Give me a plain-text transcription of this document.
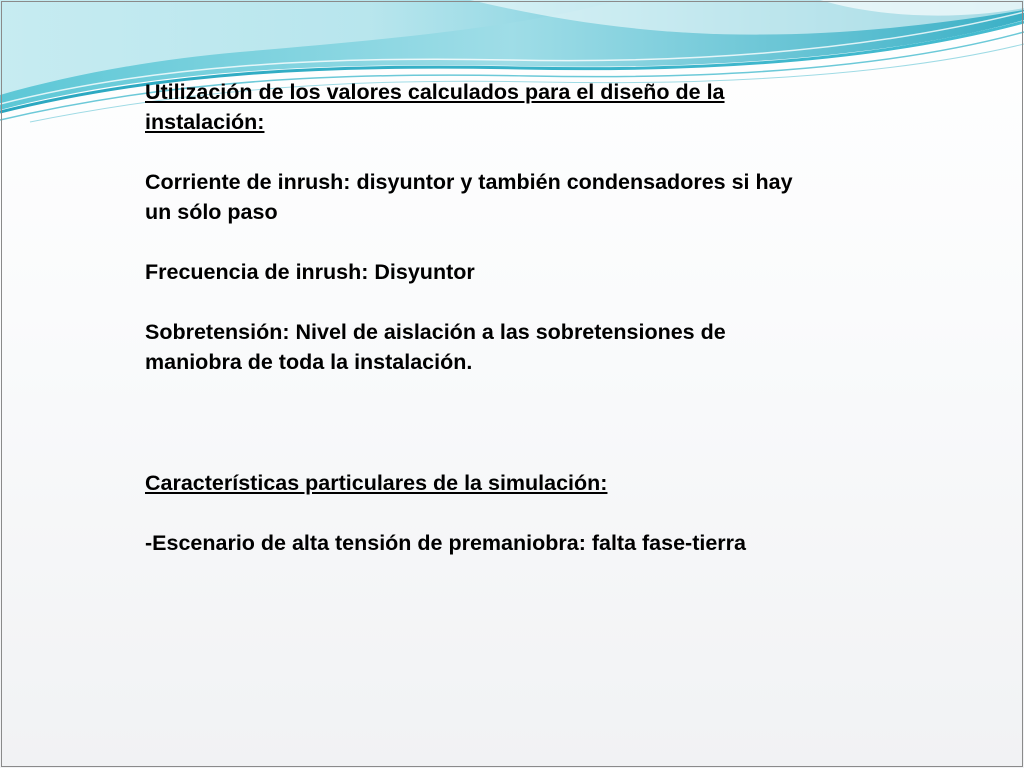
Utilización de los valores calculados para el diseño de la instalación:

Corriente de inrush: disyuntor y también condensadores si hay un sólo paso

Frecuencia de inrush: Disyuntor

Sobretensión: Nivel de aislación a las sobretensiones de maniobra de toda la instalación.

Características particulares de la simulación:

-Escenario de alta tensión de premaniobra: falta fase-tierra
